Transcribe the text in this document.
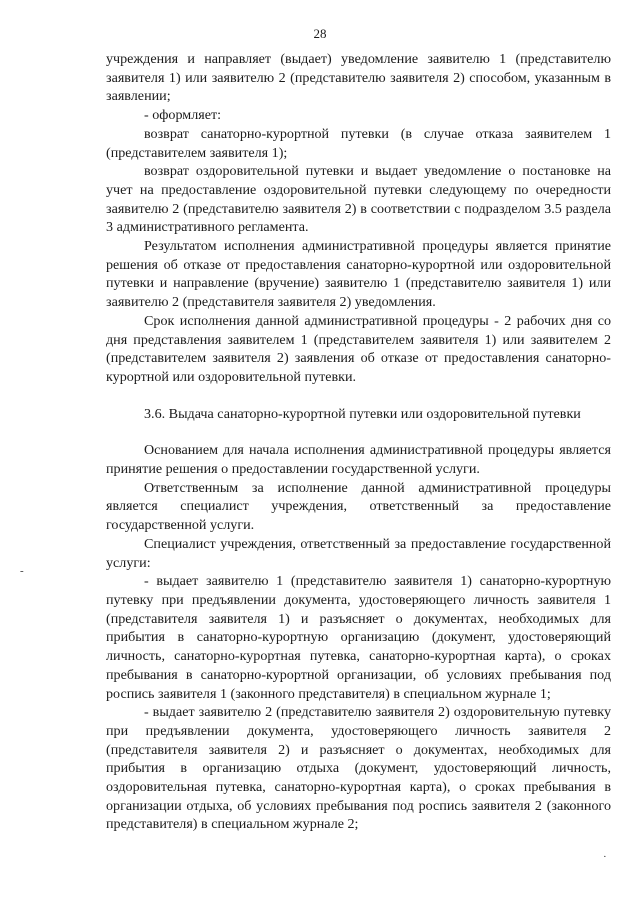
28

учреждения и направляет (выдает) уведомление заявителю 1 (представителю заявителя 1) или заявителю 2 (представителю заявителя 2) способом, указанным в заявлении;

- оформляет:

возврат санаторно-курортной путевки (в случае отказа заявителем 1 (представителем заявителя 1);

возврат оздоровительной путевки и выдает уведомление о постановке на учет на предоставление оздоровительной путевки следующему по очередности заявителю 2 (представителю заявителя 2) в соответствии с подразделом 3.5 раздела 3 административного регламента.

Результатом исполнения административной процедуры является принятие решения об отказе от предоставления санаторно-курортной или оздоровительной путевки и направление (вручение) заявителю 1 (представителю заявителя 1) или заявителю 2 (представителя заявителя 2) уведомления.

Срок исполнения данной административной процедуры - 2 рабочих дня со дня представления заявителем 1 (представителем заявителя 1) или заявителем 2 (представителем заявителя 2) заявления об отказе от предоставления санаторно-курортной или оздоровительной путевки.

3.6. Выдача санаторно-курортной путевки или оздоровительной путевки

Основанием для начала исполнения административной процедуры является принятие решения о предоставлении государственной услуги.

Ответственным за исполнение данной административной процедуры является специалист учреждения, ответственный за предоставление государственной услуги.

Специалист учреждения, ответственный за предоставление государственной услуги:

- выдает заявителю 1 (представителю заявителя 1) санаторно-курортную путевку при предъявлении документа, удостоверяющего личность заявителя 1 (представителя заявителя 1) и разъясняет о документах, необходимых для прибытия в санаторно-курортную организацию (документ, удостоверяющий личность, санаторно-курортная путевка, санаторно-курортная карта), о сроках пребывания в санаторно-курортной организации, об условиях пребывания под роспись заявителя 1 (законного представителя) в специальном журнале 1;

- выдает заявителю 2 (представителю заявителя 2) оздоровительную путевку при предъявлении документа, удостоверяющего личность заявителя 2 (представителя заявителя 2) и разъясняет о документах, необходимых для прибытия в организацию отдыха (документ, удостоверяющий личность, оздоровительная путевка, санаторно-курортная карта), о сроках пребывания в организации отдыха, об условиях пребывания под роспись заявителя 2 (законного представителя) в специальном журнале 2;

-
·
